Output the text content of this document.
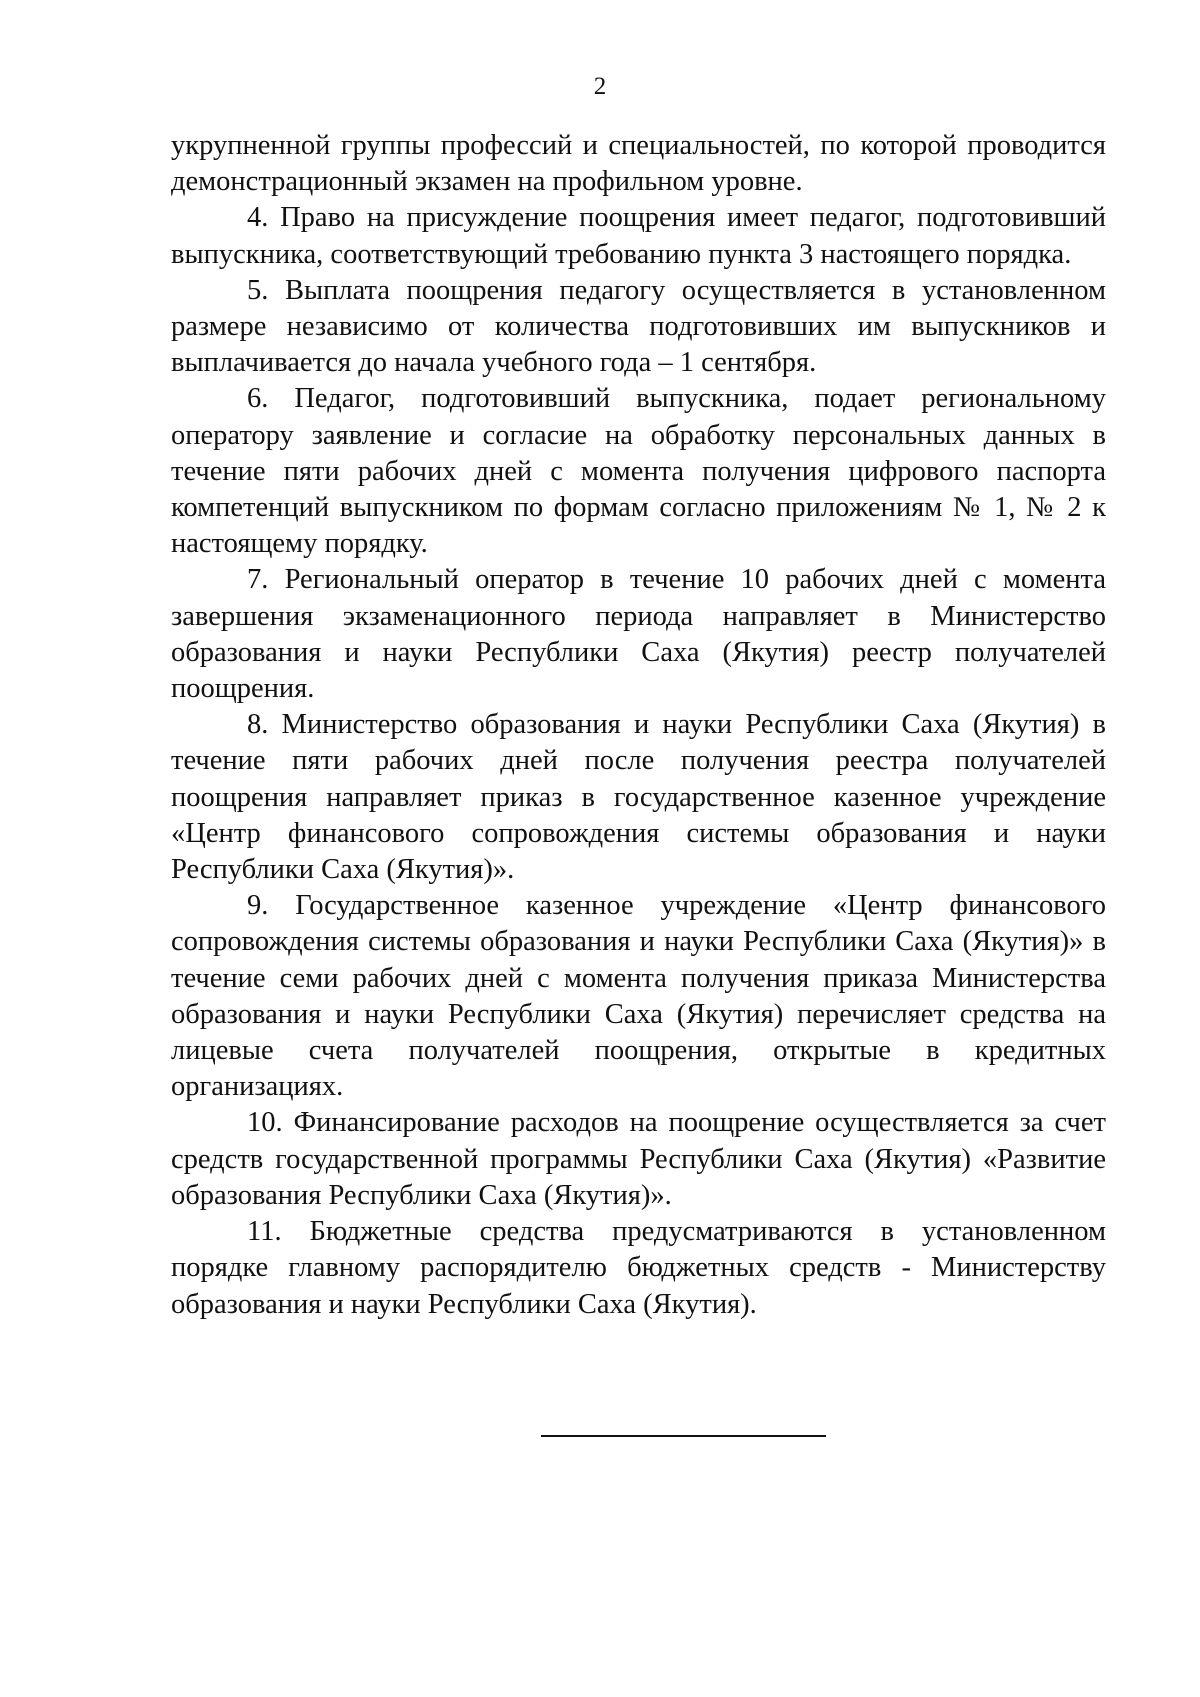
2

укрупненной группы профессий и специальностей, по которой проводится демонстрационный экзамен на профильном уровне.

4. Право на присуждение поощрения имеет педагог, подготовивший выпускника, соответствующий требованию пункта 3 настоящего порядка.

5. Выплата поощрения педагогу осуществляется в установленном размере независимо от количества подготовивших им выпускников и выплачивается до начала учебного года – 1 сентября.

6. Педагог, подготовивший выпускника, подает региональному оператору заявление и согласие на обработку персональных данных в течение пяти рабочих дней с момента получения цифрового паспорта компетенций выпускником по формам согласно приложениям № 1, № 2 к настоящему порядку.

7. Региональный оператор в течение 10 рабочих дней с момента завершения экзаменационного периода направляет в Министерство образования и науки Республики Саха (Якутия) реестр получателей поощрения.

8. Министерство образования и науки Республики Саха (Якутия) в течение пяти рабочих дней после получения реестра получателей поощрения направляет приказ в государственное казенное учреждение «Центр финансового сопровождения системы образования и науки Республики Саха (Якутия)».

9. Государственное казенное учреждение «Центр финансового сопровождения системы образования и науки Республики Саха (Якутия)» в течение семи рабочих дней с момента получения приказа Министерства образования и науки Республики Саха (Якутия) перечисляет средства на лицевые счета получателей поощрения, открытые в кредитных организациях.

10. Финансирование расходов на поощрение осуществляется за счет средств государственной программы Республики Саха (Якутия) «Развитие образования Республики Саха (Якутия)».

11. Бюджетные средства предусматриваются в установленном порядке главному распорядителю бюджетных средств - Министерству образования и науки Республики Саха (Якутия).
